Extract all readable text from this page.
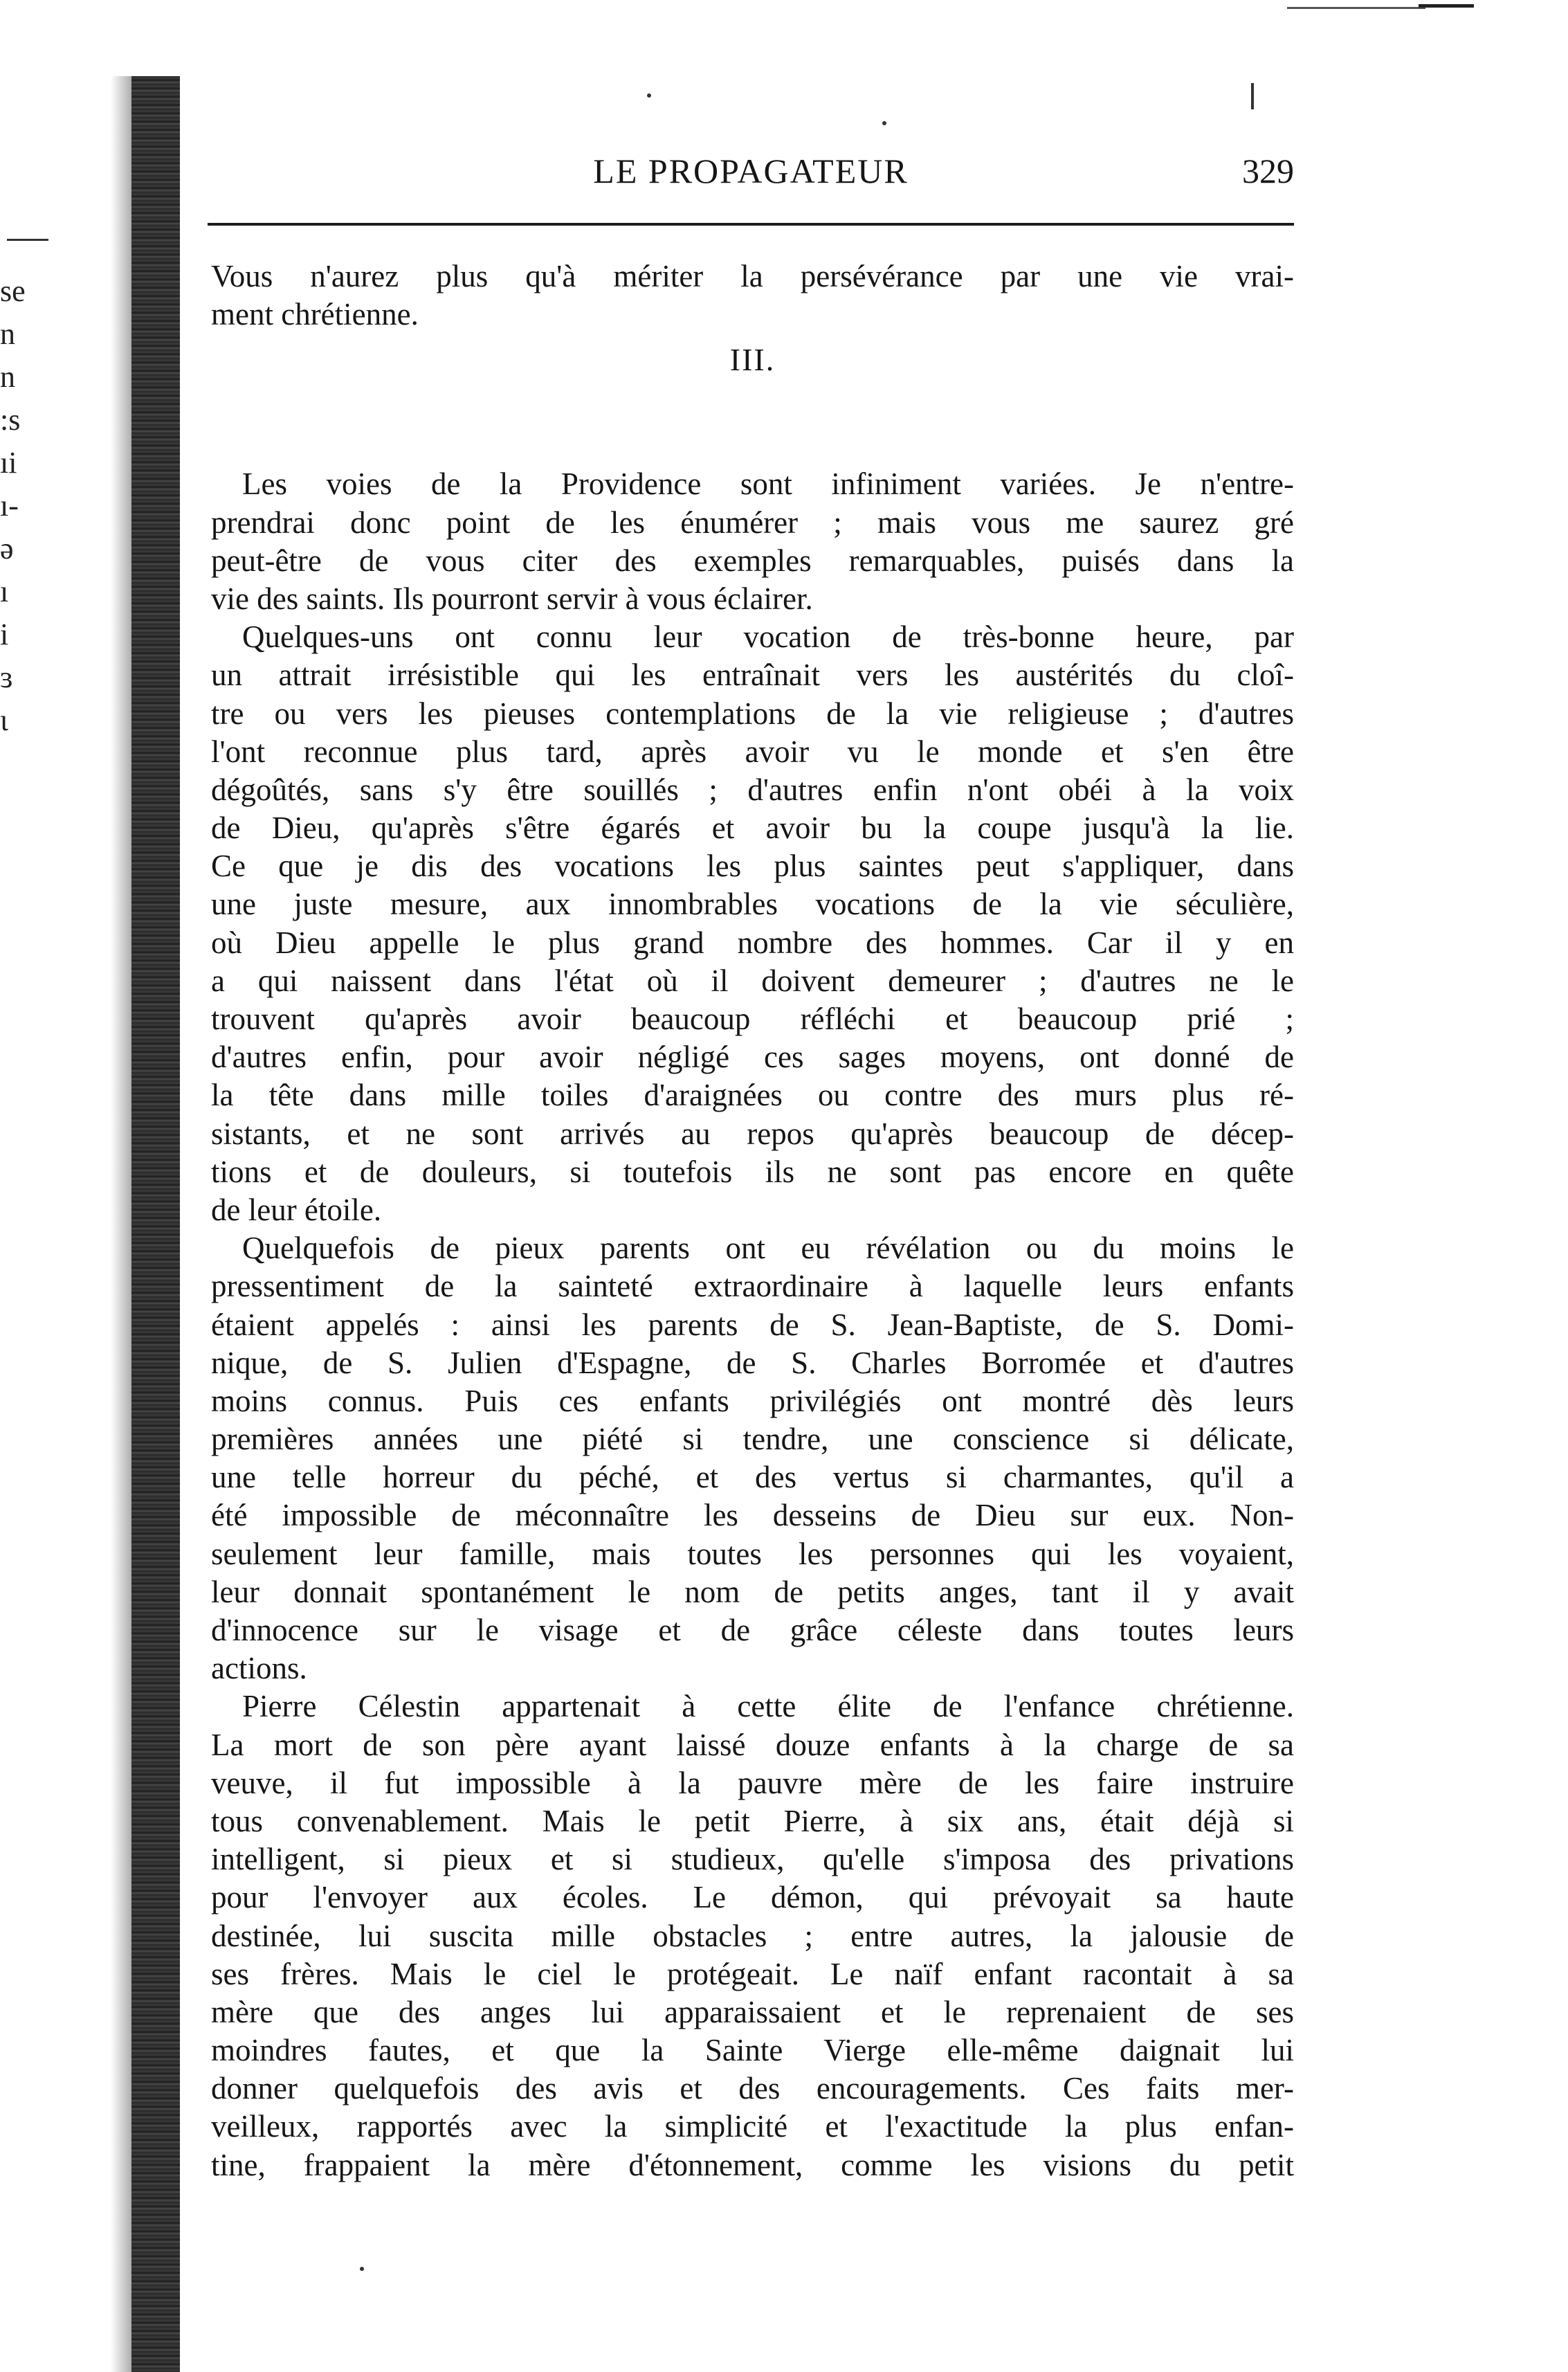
se
n
n
:s
ıi
ı-
ǝ
ı
i
ɜ
ι
LE PROPAGATEUR	329
Vous n'aurez plus qu'à mériter la persévérance par une vie vrai-
ment chrétienne.
III.
Les voies de la Providence sont infiniment variées. Je n'entre-
prendrai donc point de les énumérer ; mais vous me saurez gré
peut-être de vous citer des exemples remarquables, puisés dans la
vie des saints. Ils pourront servir à vous éclairer.
Quelques-uns ont connu leur vocation de très-bonne heure, par
un attrait irrésistible qui les entraînait vers les austérités du cloî-
tre ou vers les pieuses contemplations de la vie religieuse ; d'autres
l'ont reconnue plus tard, après avoir vu le monde et s'en être
dégoûtés, sans s'y être souillés ; d'autres enfin n'ont obéi à la voix
de Dieu, qu'après s'être égarés et avoir bu la coupe jusqu'à la lie.
Ce que je dis des vocations les plus saintes peut s'appliquer, dans
une juste mesure, aux innombrables vocations de la vie séculière,
où Dieu appelle le plus grand nombre des hommes. Car il y en
a qui naissent dans l'état où il doivent demeurer ; d'autres ne le
trouvent qu'après avoir beaucoup réfléchi et beaucoup prié ;
d'autres enfin, pour avoir négligé ces sages moyens, ont donné de
la tête dans mille toiles d'araignées ou contre des murs plus ré-
sistants, et ne sont arrivés au repos qu'après beaucoup de décep-
tions et de douleurs, si toutefois ils ne sont pas encore en quête
de leur étoile.
Quelquefois de pieux parents ont eu révélation ou du moins le
pressentiment de la sainteté extraordinaire à laquelle leurs enfants
étaient appelés : ainsi les parents de S. Jean-Baptiste, de S. Domi-
nique, de S. Julien d'Espagne, de S. Charles Borromée et d'autres
moins connus. Puis ces enfants privilégiés ont montré dès leurs
premières années une piété si tendre, une conscience si délicate,
une telle horreur du péché, et des vertus si charmantes, qu'il a
été impossible de méconnaître les desseins de Dieu sur eux. Non-
seulement leur famille, mais toutes les personnes qui les voyaient,
leur donnait spontanément le nom de petits anges, tant il y avait
d'innocence sur le visage et de grâce céleste dans toutes leurs
actions.
Pierre Célestin appartenait à cette élite de l'enfance chrétienne.
La mort de son père ayant laissé douze enfants à la charge de sa
veuve, il fut impossible à la pauvre mère de les faire instruire
tous convenablement. Mais le petit Pierre, à six ans, était déjà si
intelligent, si pieux et si studieux, qu'elle s'imposa des privations
pour l'envoyer aux écoles. Le démon, qui prévoyait sa haute
destinée, lui suscita mille obstacles ; entre autres, la jalousie de
ses frères. Mais le ciel le protégeait. Le naïf enfant racontait à sa
mère que des anges lui apparaissaient et le reprenaient de ses
moindres fautes, et que la Sainte Vierge elle-même daignait lui
donner quelquefois des avis et des encouragements. Ces faits mer-
veilleux, rapportés avec la simplicité et l'exactitude la plus enfan-
tine, frappaient la mère d'étonnement, comme les visions du petit
